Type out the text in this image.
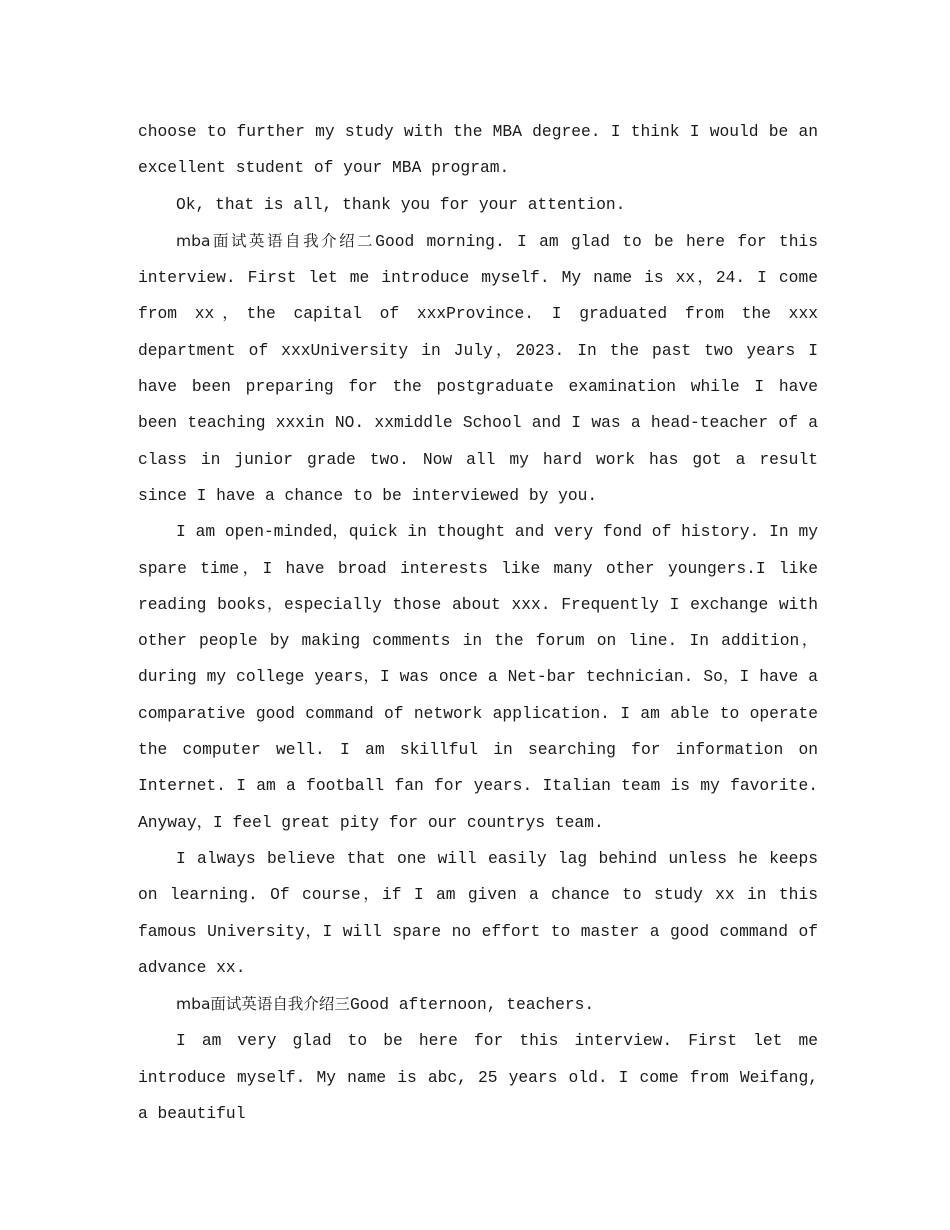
choose to further my study with the MBA degree. I think I would be an excellent student of your MBA program.

Ok, that is all, thank you for your attention.

mba面试英语自我介绍二Good morning. I am glad to be here for this interview. First let me introduce myself. My name is xx，24. I come from xx，the capital of xxxProvince. I graduated from the xxx department of xxxUniversity in July，2023. In the past two years I have been preparing for the postgraduate examination while I have been teaching xxxin NO. xxmiddle School and I was a head-teacher of a class in junior grade two. Now all my hard work has got a result since I have a chance to be interviewed by you.

I am open-minded，quick in thought and very fond of history. In my spare time，I have broad interests like many other youngers.I like reading books，especially those about xxx. Frequently I exchange with other people by making comments in the forum on line. In addition，during my college years，I was once a Net-bar technician. So，I have a comparative good command of network application. I am able to operate the computer well. I am skillful in searching for information on Internet. I am a football fan for years. Italian team is my favorite. Anyway，I feel great pity for our countrys team.

I always believe that one will easily lag behind unless he keeps on learning. Of course，if I am given a chance to study xx in this famous University，I will spare no effort to master a good command of advance xx.

mba面试英语自我介绍三Good afternoon, teachers.

I am very glad to be here for this interview. First let me introduce myself. My name is abc, 25 years old. I come from Weifang, a beautiful
